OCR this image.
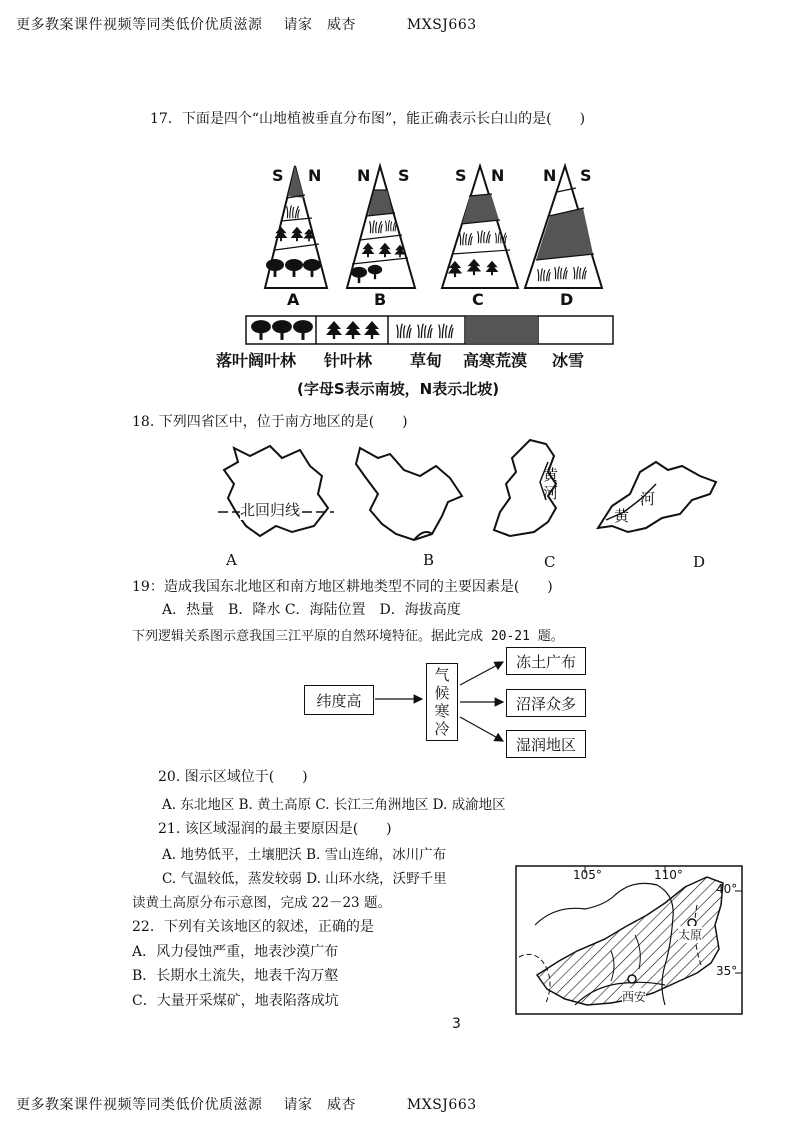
更多教案课件视频等同类低价优质滋源 请家　威杏	MXSJ663
17．下面是四个“山地植被垂直分布图”，能正确表示长白山的是(　　)
S N N S	S N N S
A	B	C	D
落叶阔叶林 针叶林 草甸 高寒荒漠 冰雪
(字母S表示南坡，N表示北坡)
18. 下列四省区中，位于南方地区的是(　　)
北回归线
黄河	河
黄
A	B	C	D
19：造成我国东北地区和南方地区耕地类型不同的主要因素是(　　)
A．热量　B．降水 C．海陆位置　D．海拔高度
下列逻辑关系图示意我国三江平原的自然环境特征。据此完成 20-21 题。
纬度高
气
候
寒
冷
冻土广布
沼泽众多
湿润地区
20. 图示区域位于(　　)
A. 东北地区 B. 黄土高原 C. 长江三角洲地区 D. 成渝地区
21. 该区域湿润的最主要原因是(　　)
A. 地势低平，土壤肥沃 B. 雪山连绵，冰川广布
C. 气温较低，蒸发较弱 D. 山环水绕，沃野千里
读黄土高原分布示意图，完成 22－23 题。
22．下列有关该地区的叙述，正确的是
A．风力侵蚀严重，地表沙漠广布
B．长期水土流失，地表千沟万壑
C．大量开采煤矿，地表陷落成坑
105°	110°
40°
35°
太原
西安
3
更多教案课件视频等同类低价优质滋源 请家　威杏	MXSJ663
